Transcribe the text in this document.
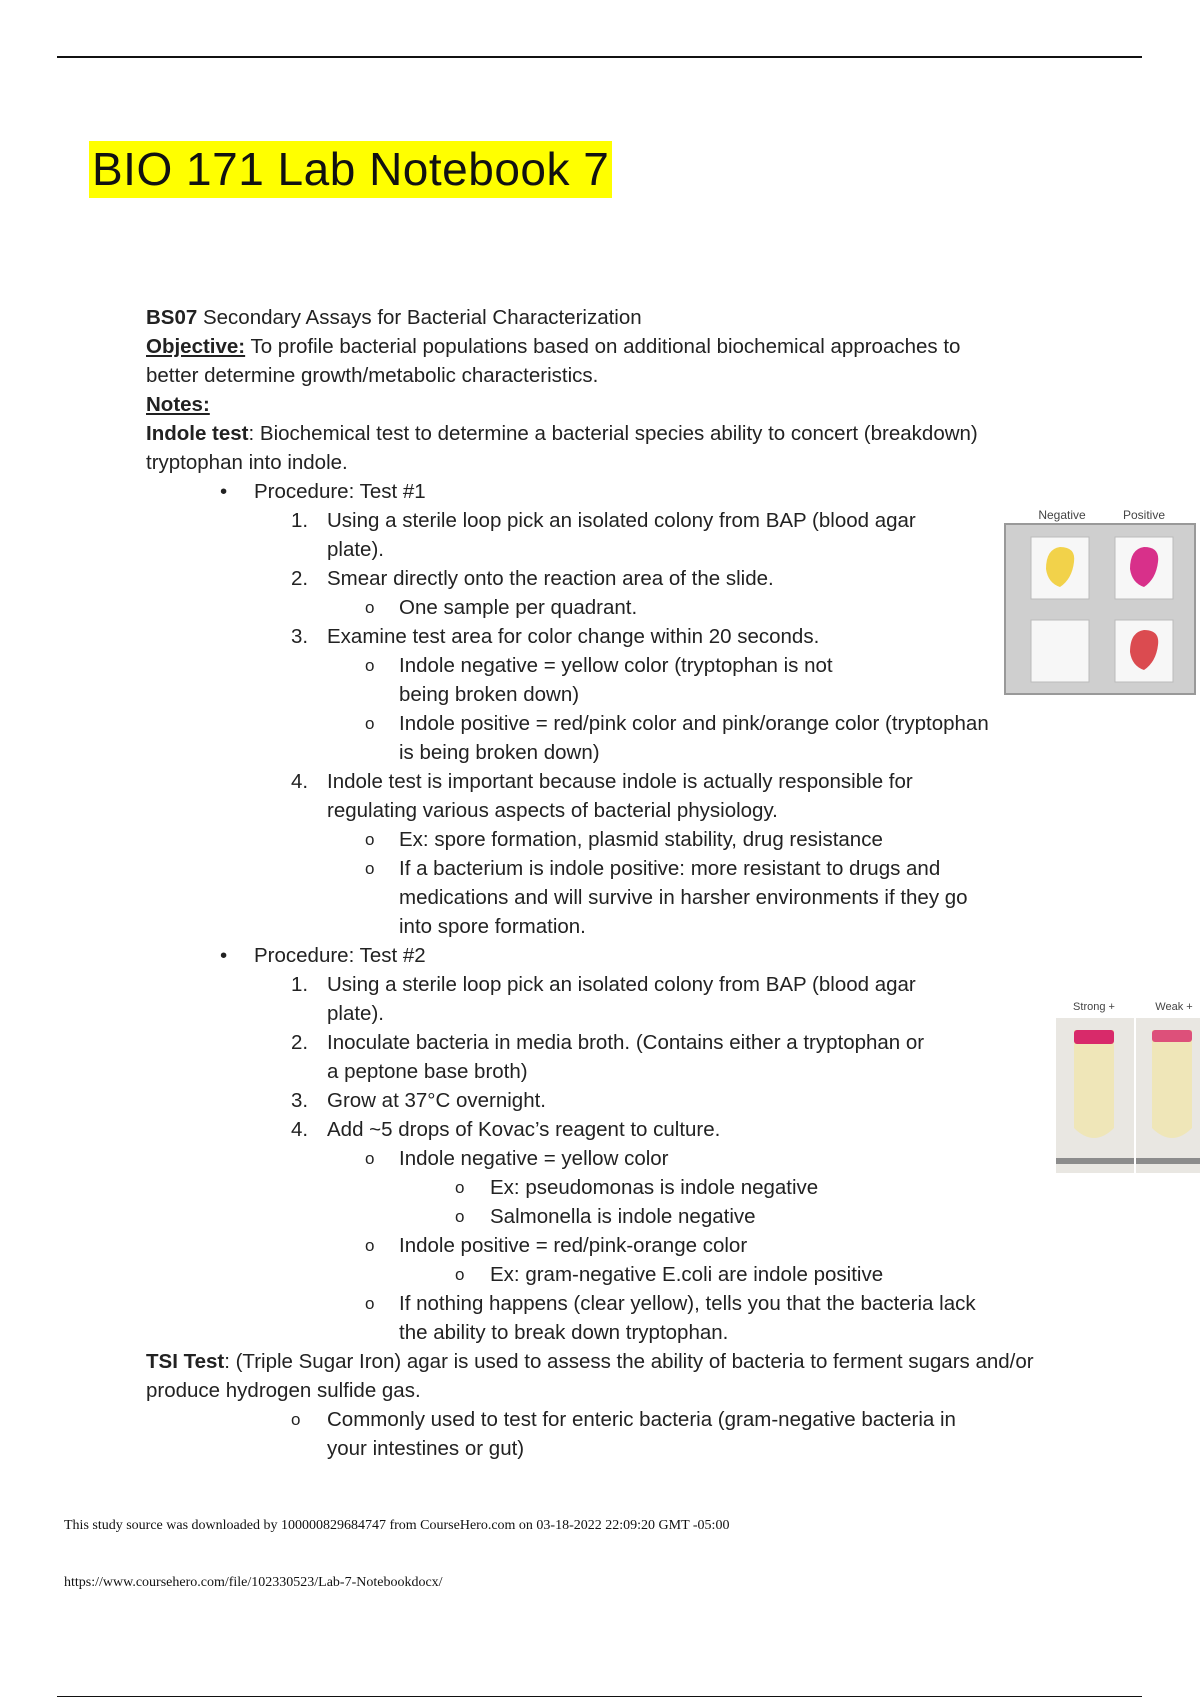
BIO 171 Lab Notebook 7
BS07 Secondary Assays for Bacterial Characterization
Objective: To profile bacterial populations based on additional biochemical approaches to
better determine growth/metabolic characteristics.
Notes:
Indole test: Biochemical test to determine a bacterial species ability to concert (breakdown)
tryptophan into indole.
• Procedure: Test #1
1. Using a sterile loop pick an isolated colony from BAP (blood agar
plate).
2. Smear directly onto the reaction area of the slide.
o One sample per quadrant.
3. Examine test area for color change within 20 seconds.
o Indole negative = yellow color (tryptophan is not
being broken down)
o Indole positive = red/pink color and pink/orange color (tryptophan
is being broken down)
4. Indole test is important because indole is actually responsible for
regulating various aspects of bacterial physiology.
o Ex: spore formation, plasmid stability, drug resistance
o If a bacterium is indole positive: more resistant to drugs and
medications and will survive in harsher environments if they go
into spore formation.
• Procedure: Test #2
1. Using a sterile loop pick an isolated colony from BAP (blood agar
plate).
2. Inoculate bacteria in media broth. (Contains either a tryptophan or
a peptone base broth)
3. Grow at 37°C overnight.
4. Add ~5 drops of Kovac’s reagent to culture.
o Indole negative = yellow color
o Ex: pseudomonas is indole negative
o Salmonella is indole negative
o Indole positive = red/pink-orange color
o Ex: gram-negative E.coli are indole positive
o If nothing happens (clear yellow), tells you that the bacteria lack
the ability to break down tryptophan.
TSI Test: (Triple Sugar Iron) agar is used to assess the ability of bacteria to ferment sugars and/or
produce hydrogen sulfide gas.
o Commonly used to test for enteric bacteria (gram-negative bacteria in
your intestines or gut)
Negative	Positive
Strong +	Weak +
This study source was downloaded by 100000829684747 from CourseHero.com on 03-18-2022 22:09:20 GMT -05:00
https://www.coursehero.com/file/102330523/Lab-7-Notebookdocx/
